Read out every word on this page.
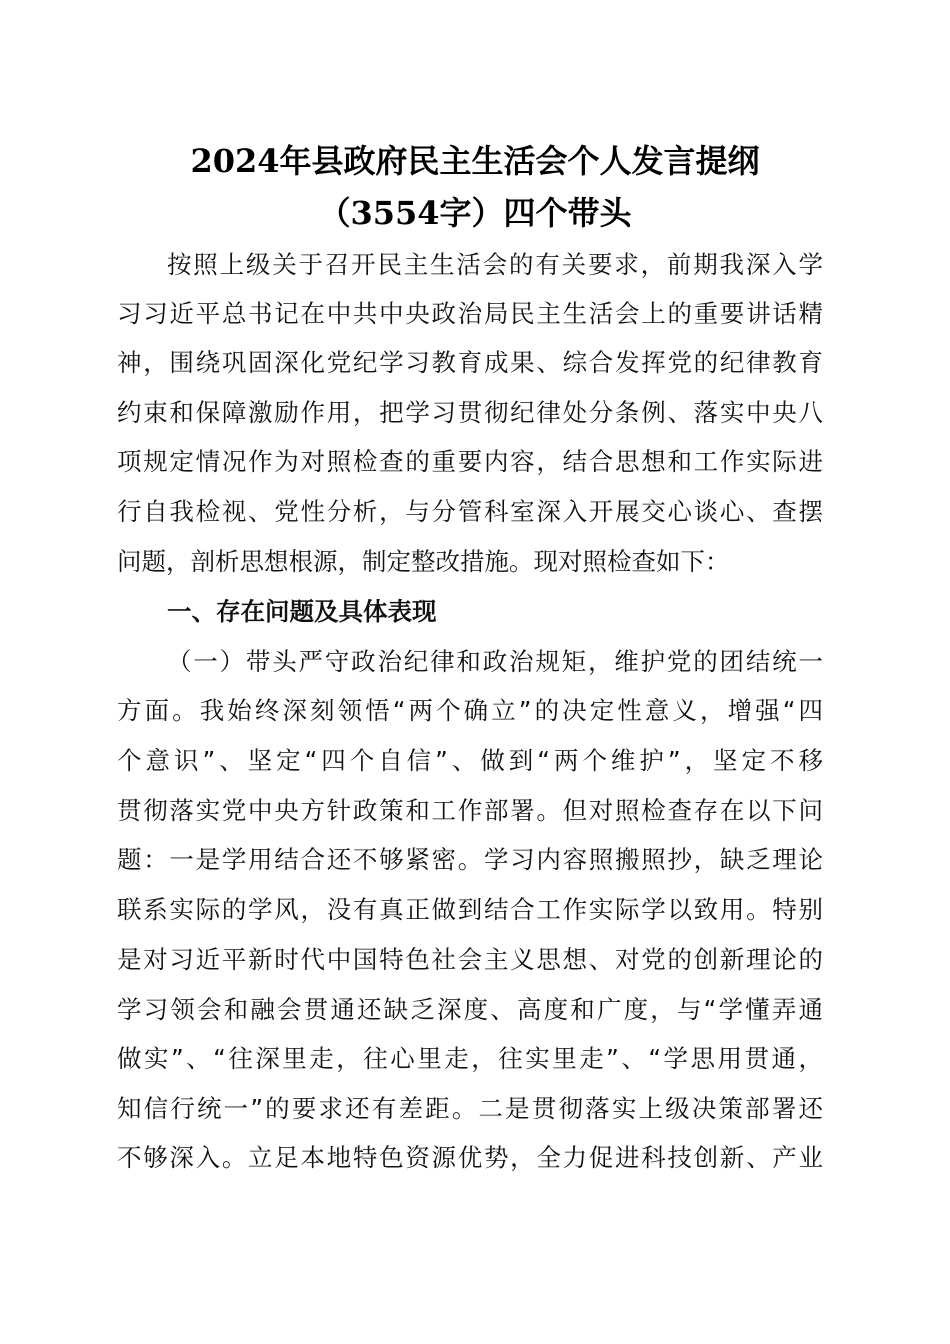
2024年县政府民主生活会个人发言提纲
（3554字）四个带头
按照上级关于召开民主生活会的有关要求，前期我深入学
习习近平总书记在中共中央政治局民主生活会上的重要讲话精
神，围绕巩固深化党纪学习教育成果、综合发挥党的纪律教育
约束和保障激励作用，把学习贯彻纪律处分条例、落实中央八
项规定情况作为对照检查的重要内容，结合思想和工作实际进
行自我检视、党性分析，与分管科室深入开展交心谈心、查摆
问题，剖析思想根源，制定整改措施。现对照检查如下：
一、存在问题及具体表现
（一）带头严守政治纪律和政治规矩，维护党的团结统一
方面。我始终深刻领悟“两个确立”的决定性意义，增强“四
个意识”、坚定“四个自信”、做到“两个维护”，坚定不移
贯彻落实党中央方针政策和工作部署。但对照检查存在以下问
题：一是学用结合还不够紧密。学习内容照搬照抄，缺乏理论
联系实际的学风，没有真正做到结合工作实际学以致用。特别
是对习近平新时代中国特色社会主义思想、对党的创新理论的
学习领会和融会贯通还缺乏深度、高度和广度，与“学懂弄通
做实”、“往深里走，往心里走，往实里走”、“学思用贯通，
知信行统一”的要求还有差距。二是贯彻落实上级决策部署还
不够深入。立足本地特色资源优势，全力促进科技创新、产业
